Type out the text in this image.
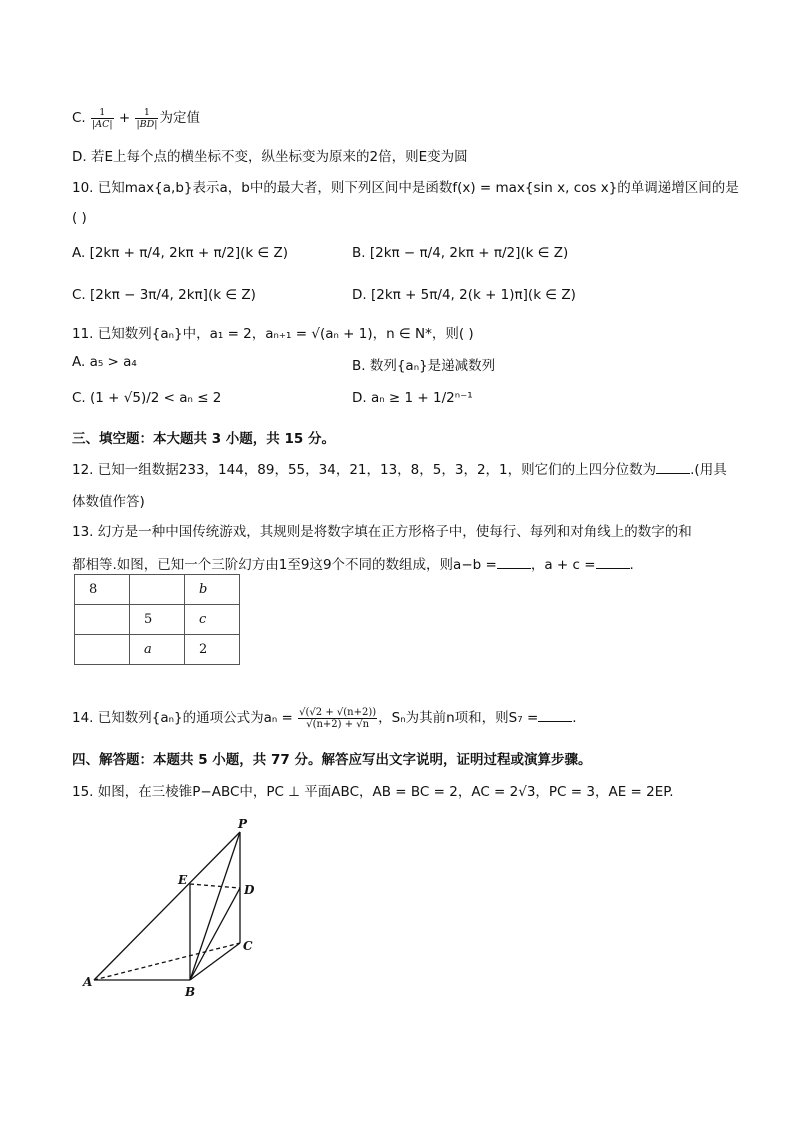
C. $\frac{1}{|AC|} + \frac{1}{|BD|}$ 为定值
D. 若E上每个点的横坐标不变，纵坐标变为原来的2倍，则E变为圆
10. 已知max{a,b}表示a，b中的最大者，则下列区间中是函数f(x) = max{sin x, cos x}的单调递增区间的是
( )
A. [2kπ + π/4, 2kπ + π/2](k ∈ Z)	B. [2kπ − π/4, 2kπ + π/2](k ∈ Z)
C. [2kπ − 3π/4, 2kπ](k ∈ Z)	D. [2kπ + 5π/4, 2(k + 1)π](k ∈ Z)
11. 已知数列{aₙ}中，a₁ = 2，aₙ₊₁ = √(aₙ + 1)，n ∈ N*，则( )
A. a₅ > a₄	B. 数列{aₙ}是递减数列
C. (1 + √5)/2 < aₙ ≤ 2	D. aₙ ≥ 1 + 1/2ⁿ⁻¹
三、填空题：本大题共 3 小题，共 15 分。
12. 已知一组数据233，144，89，55，34，21，13，8，5，3，2，1，则它们的上四分位数为	.(用具
体数值作答)
13. 幻方是一种中国传统游戏，其规则是将数字填在正方形格子中，使每行、每列和对角线上的数字的和
都相等.如图，已知一个三阶幻方由1至9这9个不同的数组成，则a−b =	，a + c =	.
8		b
	5	c
	a	2
14. 已知数列{aₙ}的通项公式为$a_n = \frac{√(√2 + √(n+2))}{√(n+2) + √n}$ ，Sₙ为其前n项和，则S₇ =	.
四、解答题：本题共 5 小题，共 77 分。解答应写出文字说明，证明过程或演算步骤。
15. 如图，在三棱锥P−ABC中，PC ⊥ 平面ABC，AB = BC = 2，AC = 2√3，PC = 3，AE = 2EP.
P
E
D
C
A
B
